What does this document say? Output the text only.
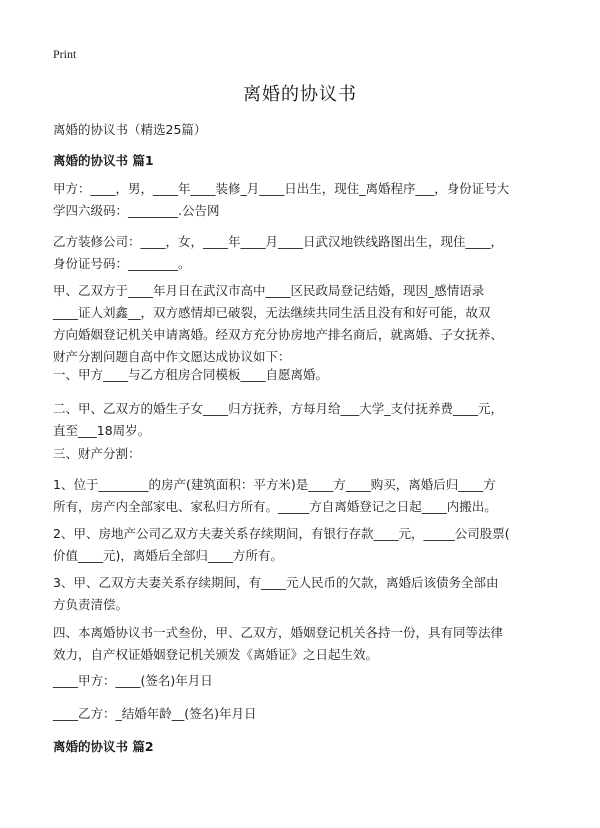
Print
离婚的协议书
离婚的协议书（精选25篇）
离婚的协议书 篇1
甲方：____，男，____年____装修_月____日出生，现住_离婚程序___，身份证号大
学四六级码：________.公告网
乙方装修公司：____，女，____年____月____日武汉地铁线路图出生，现住____，
身份证号码：________。
甲、乙双方于____年月日在武汉市高中____区民政局登记结婚，现因_感情语录
____证人刘鑫__，双方感情却已破裂，无法继续共同生活且没有和好可能，故双
方向婚姻登记机关申请离婚。经双方充分协房地产排名商后，就离婚、子女抚养、
财产分割问题自高中作文愿达成协议如下：
一、甲方____与乙方租房合同模板____自愿离婚。
二、甲、乙双方的婚生子女____归方抚养，方每月给___大学_支付抚养费____元，
直至___18周岁。
三、财产分割：
1、位于________的房产(建筑面积：平方米)是____方____购买，离婚后归____方
所有，房产内全部家电、家私归方所有。_____方自离婚登记之日起____内搬出。
2、甲、房地产公司乙双方夫妻关系存续期间，有银行存款____元，_____公司股票(
价值____元)，离婚后全部归____方所有。
3、甲、乙双方夫妻关系存续期间，有____元人民币的欠款，离婚后该债务全部由
方负责清偿。
四、本离婚协议书一式叁份，甲、乙双方，婚姻登记机关各持一份，具有同等法律
效力，自产权证婚姻登记机关颁发《离婚证》之日起生效。
____甲方：____(签名)年月日
____乙方：_结婚年龄__(签名)年月日
离婚的协议书 篇2
